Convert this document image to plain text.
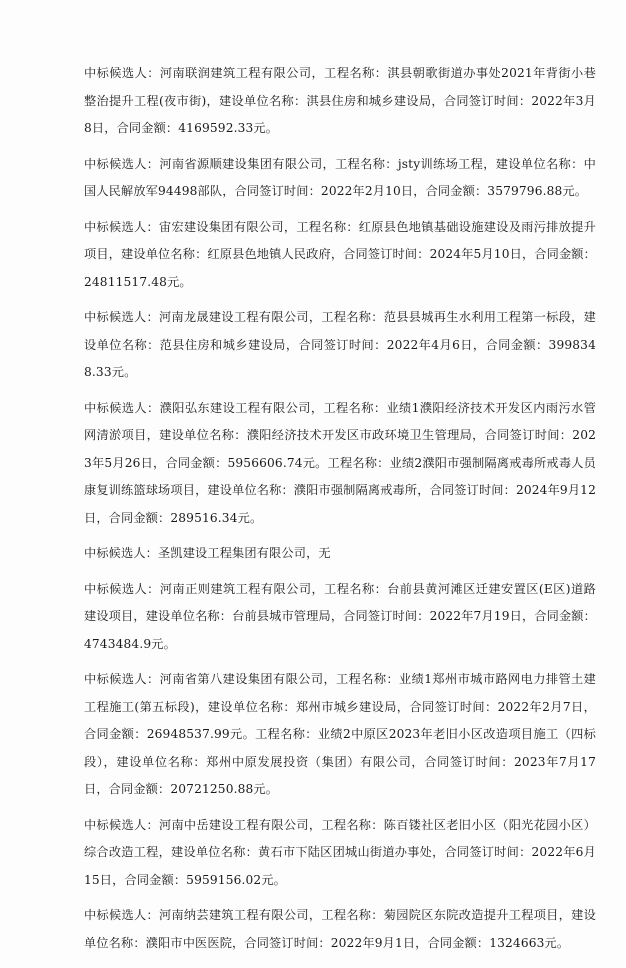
中标候选人：河南联润建筑工程有限公司，工程名称：淇县朝歌街道办事处2021年背街小巷整治提升工程(夜市街)，建设单位名称：淇县住房和城乡建设局，合同签订时间：2022年3月8日，合同金额：4169592.33元。

中标候选人：河南省源顺建设集团有限公司，工程名称：jsty训练场工程，建设单位名称：中国人民解放军94498部队，合同签订时间：2022年2月10日，合同金额：3579796.88元。

中标候选人：宙宏建设集团有限公司，工程名称：红原县色地镇基础设施建设及雨污排放提升项目，建设单位名称：红原县色地镇人民政府，合同签订时间：2024年5月10日，合同金额：24811517.48元。

中标候选人：河南龙晟建设工程有限公司，工程名称：范县县城再生水利用工程第一标段，建设单位名称：范县住房和城乡建设局，合同签订时间：2022年4月6日，合同金额：3998348.33元。

中标候选人：濮阳弘东建设工程有限公司，工程名称：业绩1濮阳经济技术开发区内雨污水管网清淤项目，建设单位名称：濮阳经济技术开发区市政环境卫生管理局，合同签订时间：2023年5月26日，合同金额：5956606.74元。工程名称：业绩2濮阳市强制隔离戒毒所戒毒人员康复训练篮球场项目，建设单位名称：濮阳市强制隔离戒毒所，合同签订时间：2024年9月12日，合同金额：289516.34元。

中标候选人：圣凯建设工程集团有限公司，无

中标候选人：河南正则建筑工程有限公司，工程名称：台前县黄河滩区迁建安置区(E区)道路建设项目，建设单位名称：台前县城市管理局，合同签订时间：2022年7月19日，合同金额：4743484.9元。

中标候选人：河南省第八建设集团有限公司，工程名称：业绩1郑州市城市路网电力排管土建工程施工(第五标段)，建设单位名称：郑州市城乡建设局，合同签订时间：2022年2月7日，合同金额：26948537.99元。工程名称：业绩2中原区2023年老旧小区改造项目施工（四标段），建设单位名称：郑州中原发展投资（集团）有限公司，合同签订时间：2023年7月17日，合同金额：20721250.88元。

中标候选人：河南中岳建设工程有限公司，工程名称：陈百镂社区老旧小区（阳光花园小区）综合改造工程，建设单位名称：黄石市下陆区团城山街道办事处，合同签订时间：2022年6月15日，合同金额：5959156.02元。

中标候选人：河南纳芸建筑工程有限公司，工程名称：菊园院区东院改造提升工程项目，建设单位名称：濮阳市中医医院，合同签订时间：2022年9月1日，合同金额：1324663元。
